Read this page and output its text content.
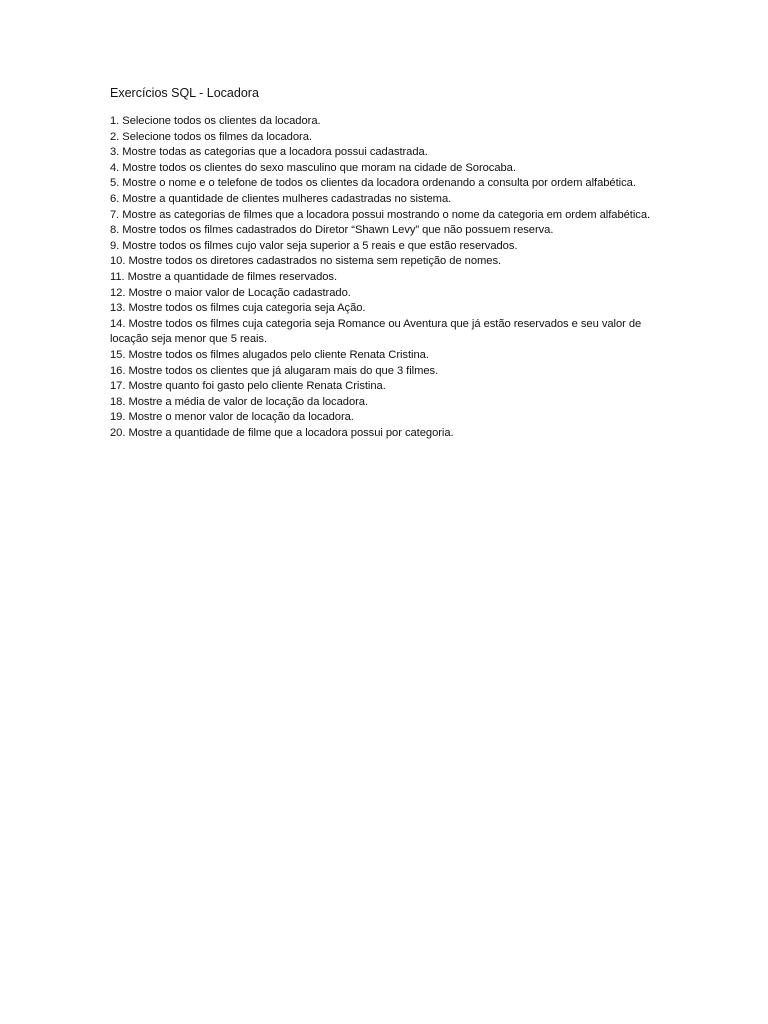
Exercícios SQL - Locadora
1. Selecione todos os clientes da locadora.
2. Selecione todos os filmes da locadora.
3. Mostre todas as categorias que a locadora possui cadastrada.
4. Mostre todos os clientes do sexo masculino que moram na cidade de Sorocaba.
5. Mostre o nome e o telefone de todos os clientes da locadora ordenando a consulta por ordem alfabética.
6. Mostre a quantidade de clientes mulheres cadastradas no sistema.
7. Mostre as categorias de filmes que a locadora possui mostrando o nome da categoria em ordem alfabética.
8. Mostre todos os filmes cadastrados do Diretor “Shawn Levy” que não possuem reserva.
9. Mostre todos os filmes cujo valor seja superior a 5 reais e que estão reservados.
10. Mostre todos os diretores cadastrados no sistema sem repetição de nomes.
11. Mostre a quantidade de filmes reservados.
12. Mostre o maior valor de Locação cadastrado.
13. Mostre todos os filmes cuja categoria seja Ação.
14. Mostre todos os filmes cuja categoria seja Romance ou Aventura que já estão reservados e seu valor de locação seja menor que 5 reais.
15. Mostre todos os filmes alugados pelo cliente Renata Cristina.
16. Mostre todos os clientes que já alugaram mais do que 3 filmes.
17. Mostre quanto foi gasto pelo cliente Renata Cristina.
18. Mostre a média de valor de locação da locadora.
19. Mostre o menor valor de locação da locadora.
20. Mostre a quantidade de filme que a locadora possui por categoria.
